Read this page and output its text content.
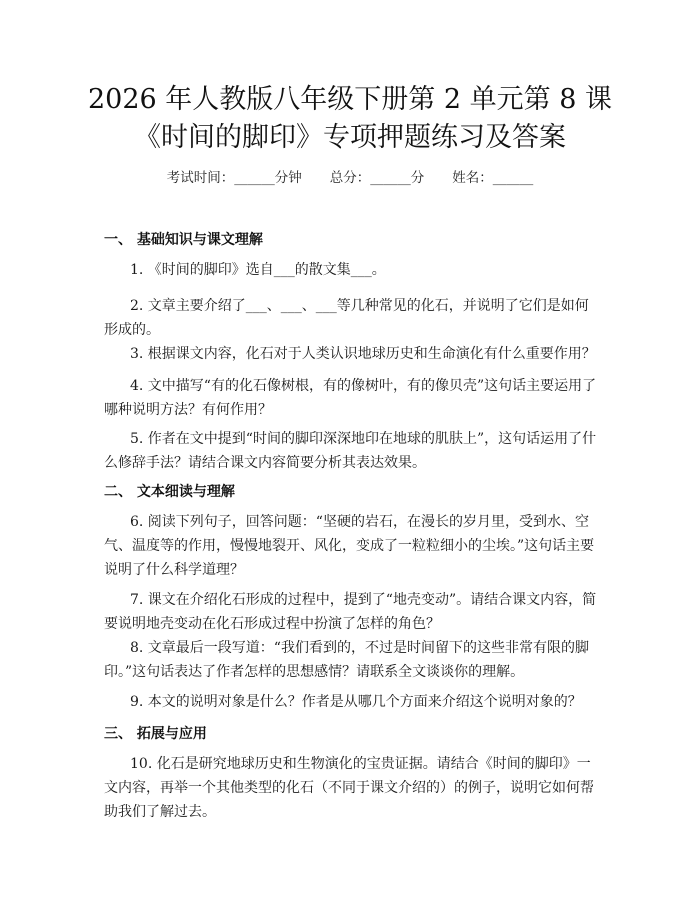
2026 年人教版八年级下册第 2 单元第 8 课
《时间的脚印》专项押题练习及答案
考试时间：______分钟 总分：______分 姓名：______
一、 基础知识与课文理解
1. 《时间的脚印》选自___的散文集___。
2. 文章主要介绍了___、___、___等几种常见的化石，并说明了它们是如何形成的。
3. 根据课文内容，化石对于人类认识地球历史和生命演化有什么重要作用？
4. 文中描写“有的化石像树根，有的像树叶，有的像贝壳”这句话主要运用了哪种说明方法？有何作用？
5. 作者在文中提到“时间的脚印深深地印在地球的肌肤上”，这句话运用了什么修辞手法？请结合课文内容简要分析其表达效果。
二、 文本细读与理解
6. 阅读下列句子，回答问题：“坚硬的岩石，在漫长的岁月里，受到水、空气、温度等的作用，慢慢地裂开、风化，变成了一粒粒细小的尘埃。”这句话主要说明了什么科学道理？
7. 课文在介绍化石形成的过程中，提到了“地壳变动”。请结合课文内容，简要说明地壳变动在化石形成过程中扮演了怎样的角色？
8. 文章最后一段写道：“我们看到的，不过是时间留下的这些非常有限的脚印。”这句话表达了作者怎样的思想感情？请联系全文谈谈你的理解。
9. 本文的说明对象是什么？作者是从哪几个方面来介绍这个说明对象的？
三、 拓展与应用
10. 化石是研究地球历史和生物演化的宝贵证据。请结合《时间的脚印》一文内容，再举一个其他类型的化石（不同于课文介绍的）的例子，说明它如何帮助我们了解过去。
